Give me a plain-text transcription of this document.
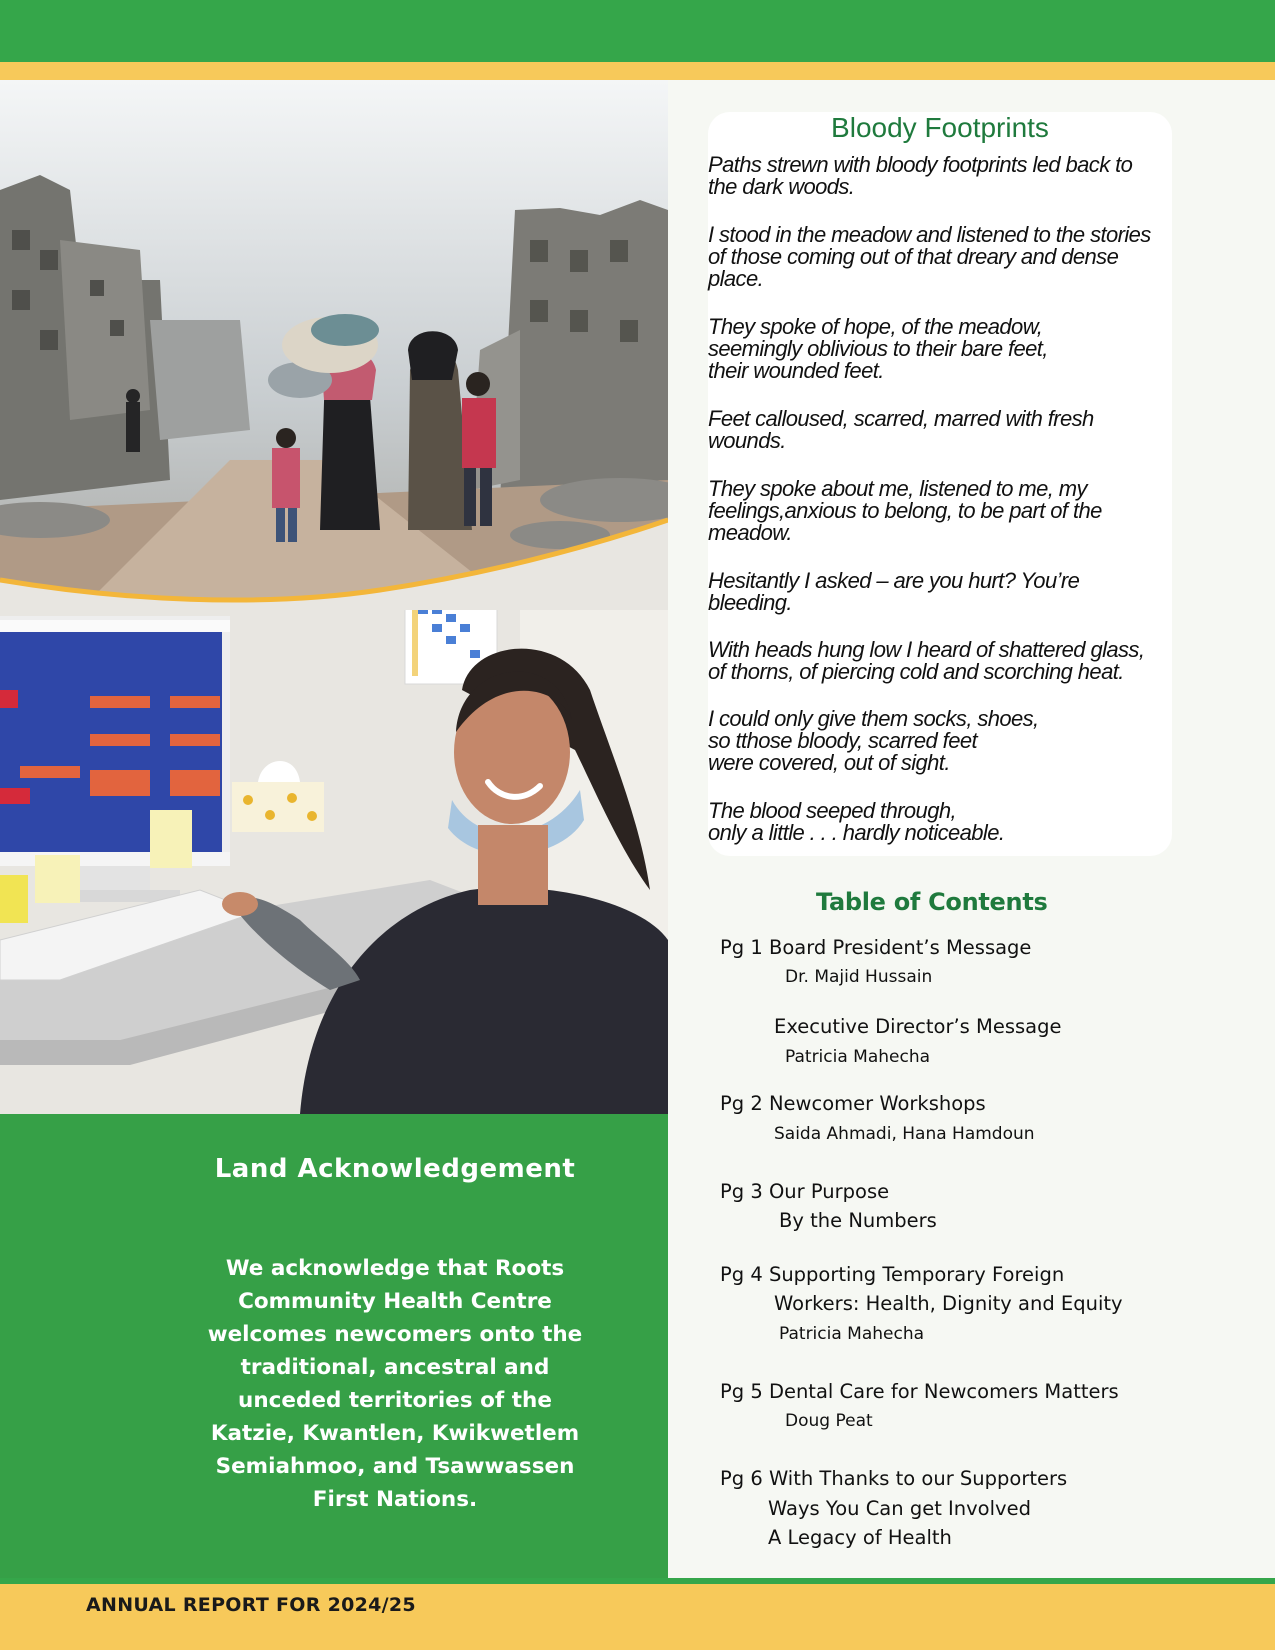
Land Acknowledgement
We acknowledge that Roots
Community Health Centre
welcomes newcomers onto the
traditional, ancestral and
unceded territories of the
Katzie, Kwantlen, Kwikwetlem
Semiahmoo, and Tsawwassen
First Nations.
Bloody Footprints
Paths strewn with bloody footprints led back to
the dark woods.
I stood in the meadow and listened to the stories
of those coming out of that dreary and dense
place.
They spoke of hope, of the meadow,
seemingly oblivious to their bare feet,
their wounded feet.
Feet calloused, scarred, marred with fresh
wounds.
They spoke about me, listened to me, my
feelings,anxious to belong, to be part of the
meadow.
Hesitantly I asked – are you hurt? You’re
bleeding.
With heads hung low I heard of shattered glass,
of thorns, of piercing cold and scorching heat.
I could only give them socks, shoes,
so tthose bloody, scarred feet
were covered, out of sight.
The blood seeped through,
only a little . . . hardly noticeable.
Table of Contents
Pg 1 Board President’s Message
Dr. Majid Hussain
Executive Director’s Message
Patricia Mahecha
Pg 2 Newcomer Workshops
Saida Ahmadi, Hana Hamdoun
Pg 3 Our Purpose
By the Numbers
Pg 4 Supporting Temporary Foreign
Workers: Health, Dignity and Equity
Patricia Mahecha
Pg 5 Dental Care for Newcomers Matters
Doug Peat
Pg 6 With Thanks to our Supporters
Ways You Can get Involved
A Legacy of Health
ANNUAL REPORT FOR 2024/25
